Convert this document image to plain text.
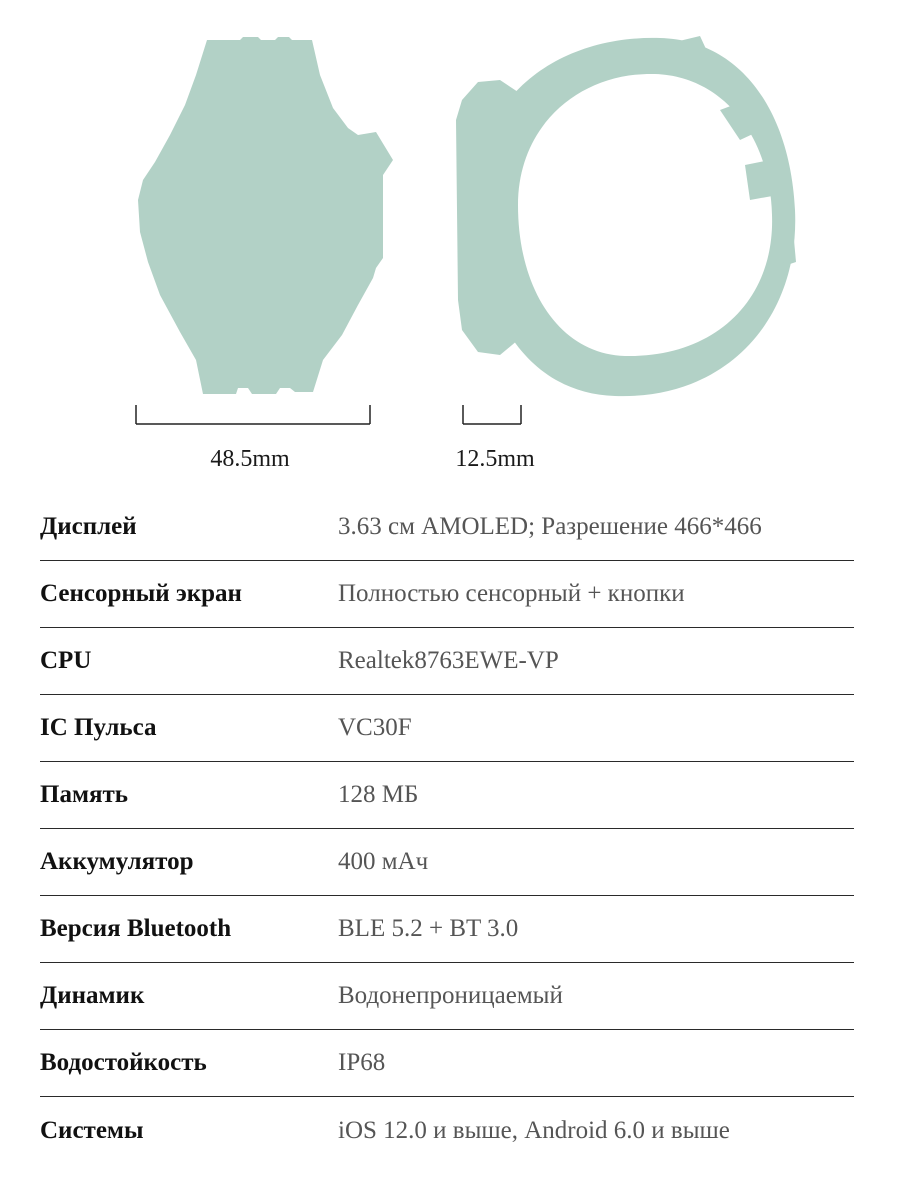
48.5mm	12.5mm
Дисплей	3.63 см AMOLED; Разрешение 466*466
Сенсорный экран	Полностью сенсорный + кнопки
CPU	Realtek8763EWE-VP
IC Пульса	VC30F
Память	128 МБ
Аккумулятор	400 мАч
Версия Bluetooth	BLE 5.2 + BT 3.0
Динамик	Водонепроницаемый
Водостойкость	IP68
Системы	iOS 12.0 и выше, Android 6.0 и выше
